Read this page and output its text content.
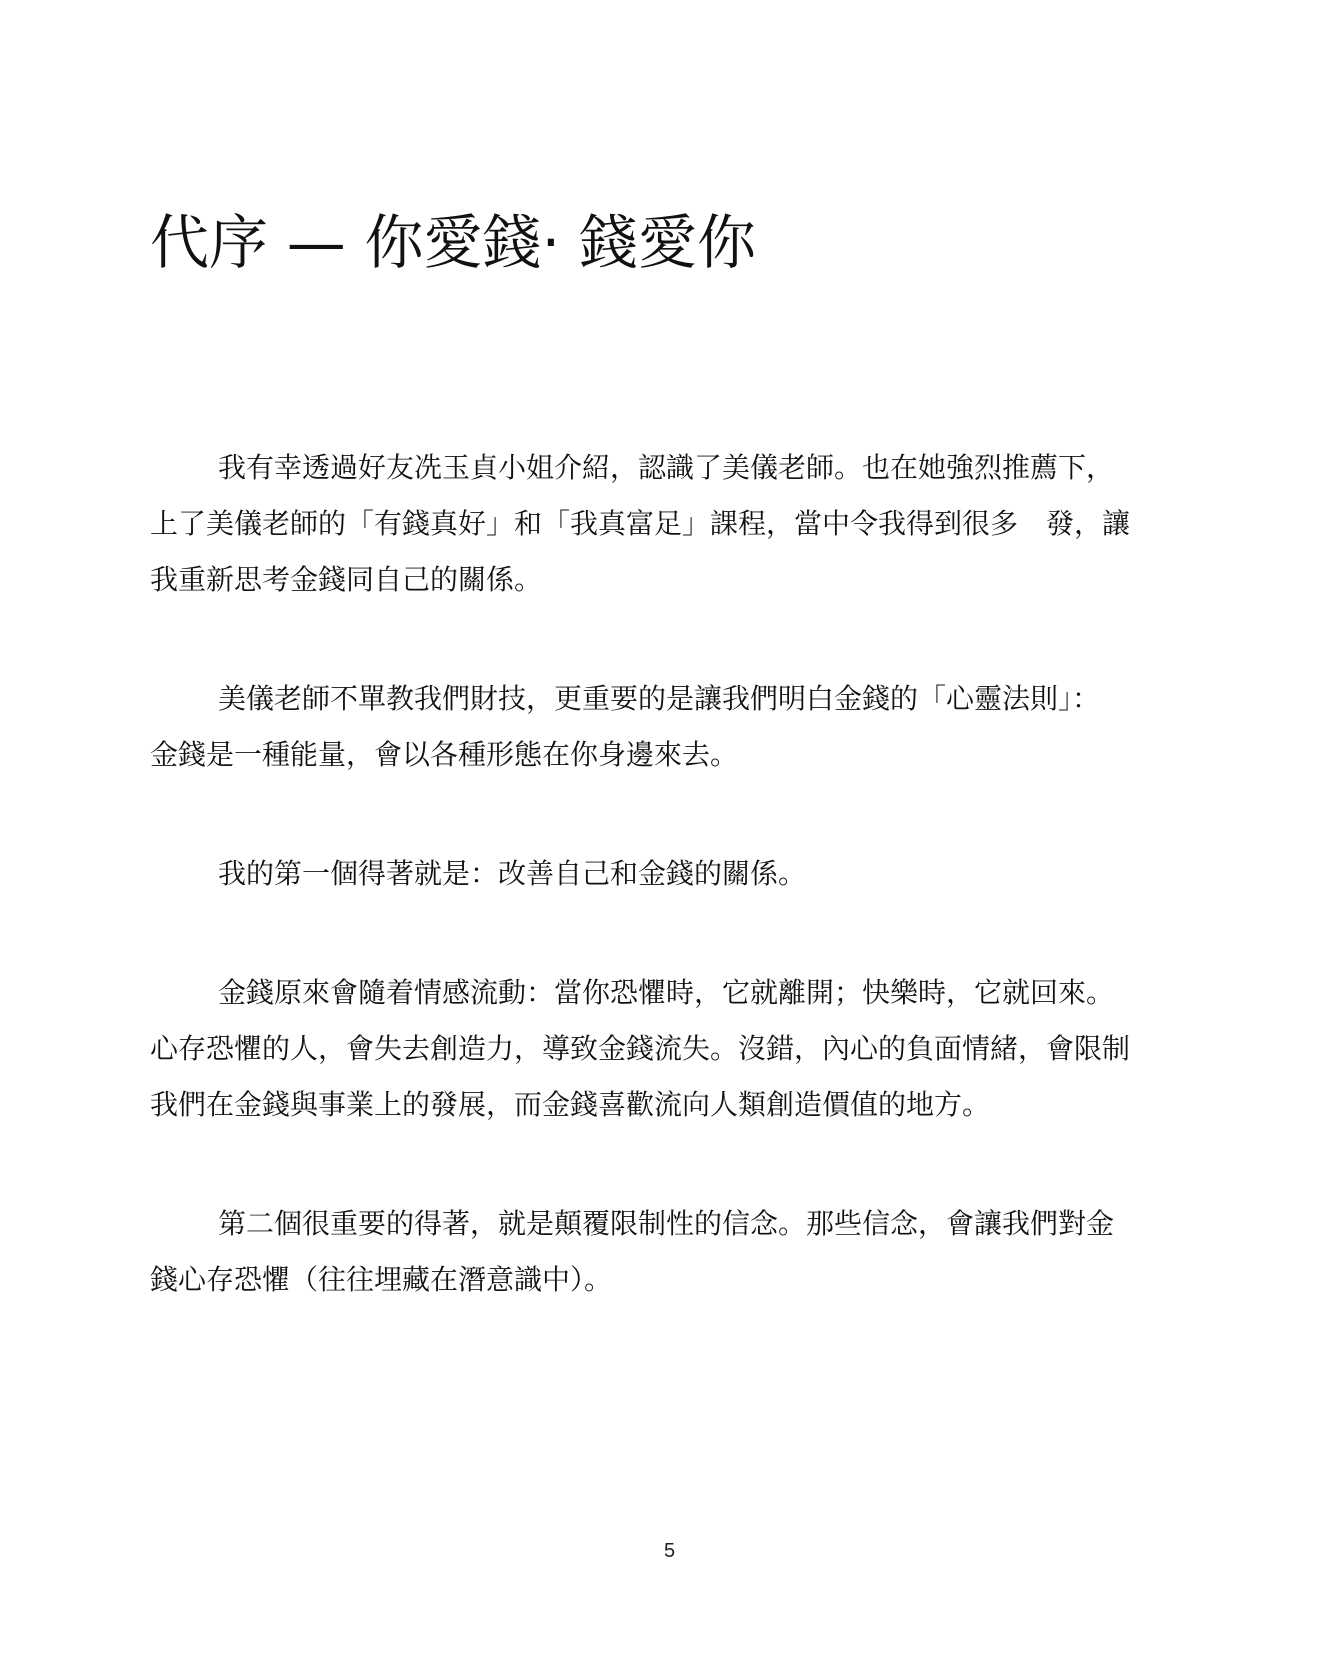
代序 — 你愛錢· 錢愛你

我有幸透過好友冼玉貞小姐介紹，認識了美儀老師。也在她強烈推薦下，
上了美儀老師的「有錢真好」和「我真富足」課程，當中令我得到很多　發，讓
我重新思考金錢同自己的關係。

美儀老師不單教我們財技，更重要的是讓我們明白金錢的「心靈法則」：
金錢是一種能量，會以各種形態在你身邊來去。

我的第一個得著就是：改善自己和金錢的關係。

金錢原來會隨着情感流動：當你恐懼時，它就離開；快樂時，它就回來。
心存恐懼的人，會失去創造力，導致金錢流失。沒錯，內心的負面情緒，會限制
我們在金錢與事業上的發展，而金錢喜歡流向人類創造價值的地方。

第二個很重要的得著，就是顛覆限制性的信念。那些信念，會讓我們對金
錢心存恐懼（往往埋藏在潛意識中）。

5
